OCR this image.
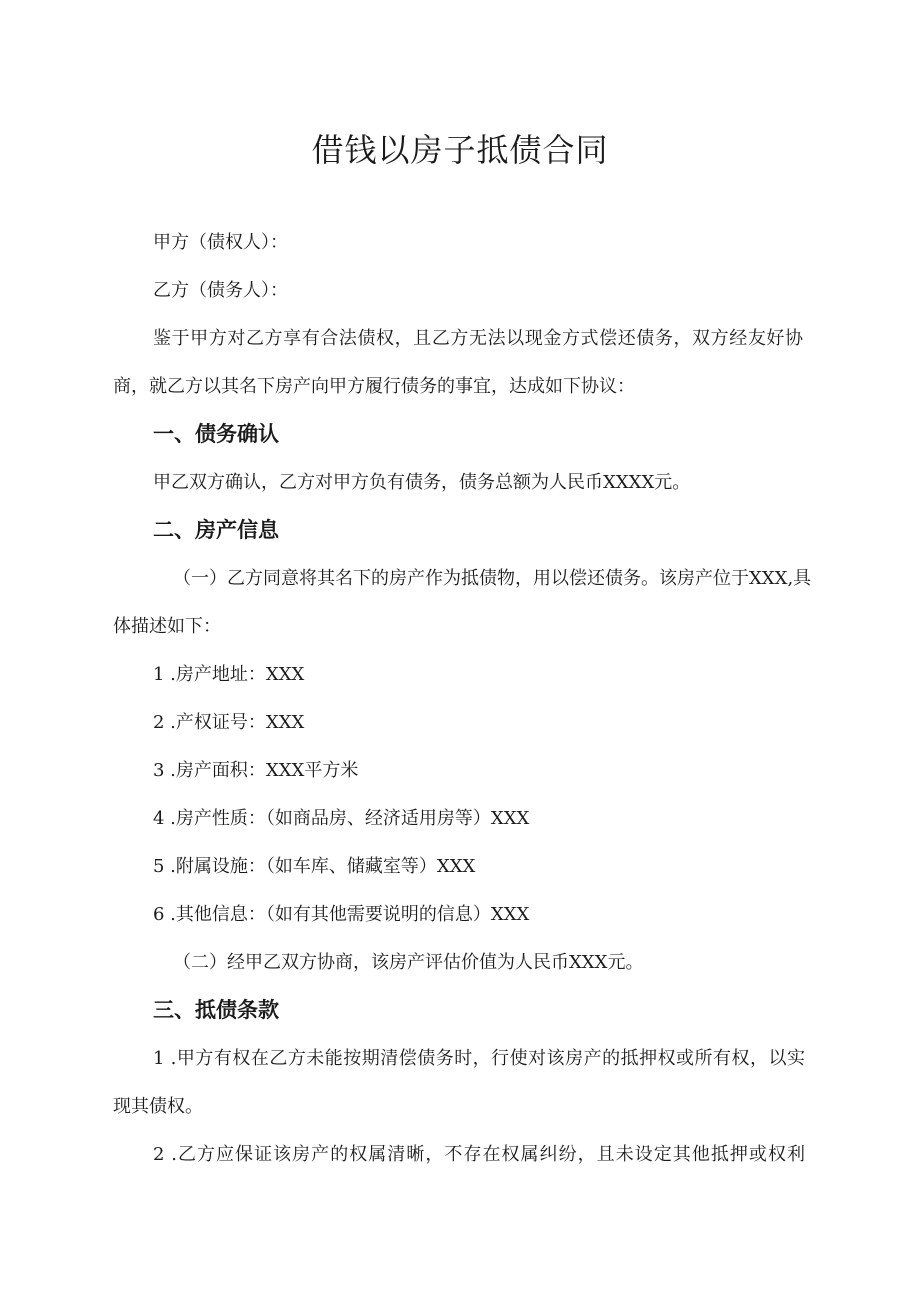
借钱以房子抵债合同

甲方（债权人）：

乙方（债务人）：

鉴于甲方对乙方享有合法债权，且乙方无法以现金方式偿还债务，双方经友好协

商，就乙方以其名下房产向甲方履行债务的事宜，达成如下协议：

一、债务确认

甲乙双方确认，乙方对甲方负有债务，债务总额为人民币XXXX元。

二、房产信息

（一）乙方同意将其名下的房产作为抵债物，用以偿还债务。该房产位于XXX,具

体描述如下：

1 .房产地址：XXX

2 .产权证号：XXX

3 .房产面积：XXX平方米

4 .房产性质：（如商品房、经济适用房等）XXX

5 .附属设施：（如车库、储藏室等）XXX

6 .其他信息：（如有其他需要说明的信息）XXX

（二）经甲乙双方协商，该房产评估价值为人民币XXX元。

三、抵债条款

1 .甲方有权在乙方未能按期清偿债务时，行使对该房产的抵押权或所有权，以实

现其债权。

2 .乙方应保证该房产的权属清晰，不存在权属纠纷，且未设定其他抵押或权利
